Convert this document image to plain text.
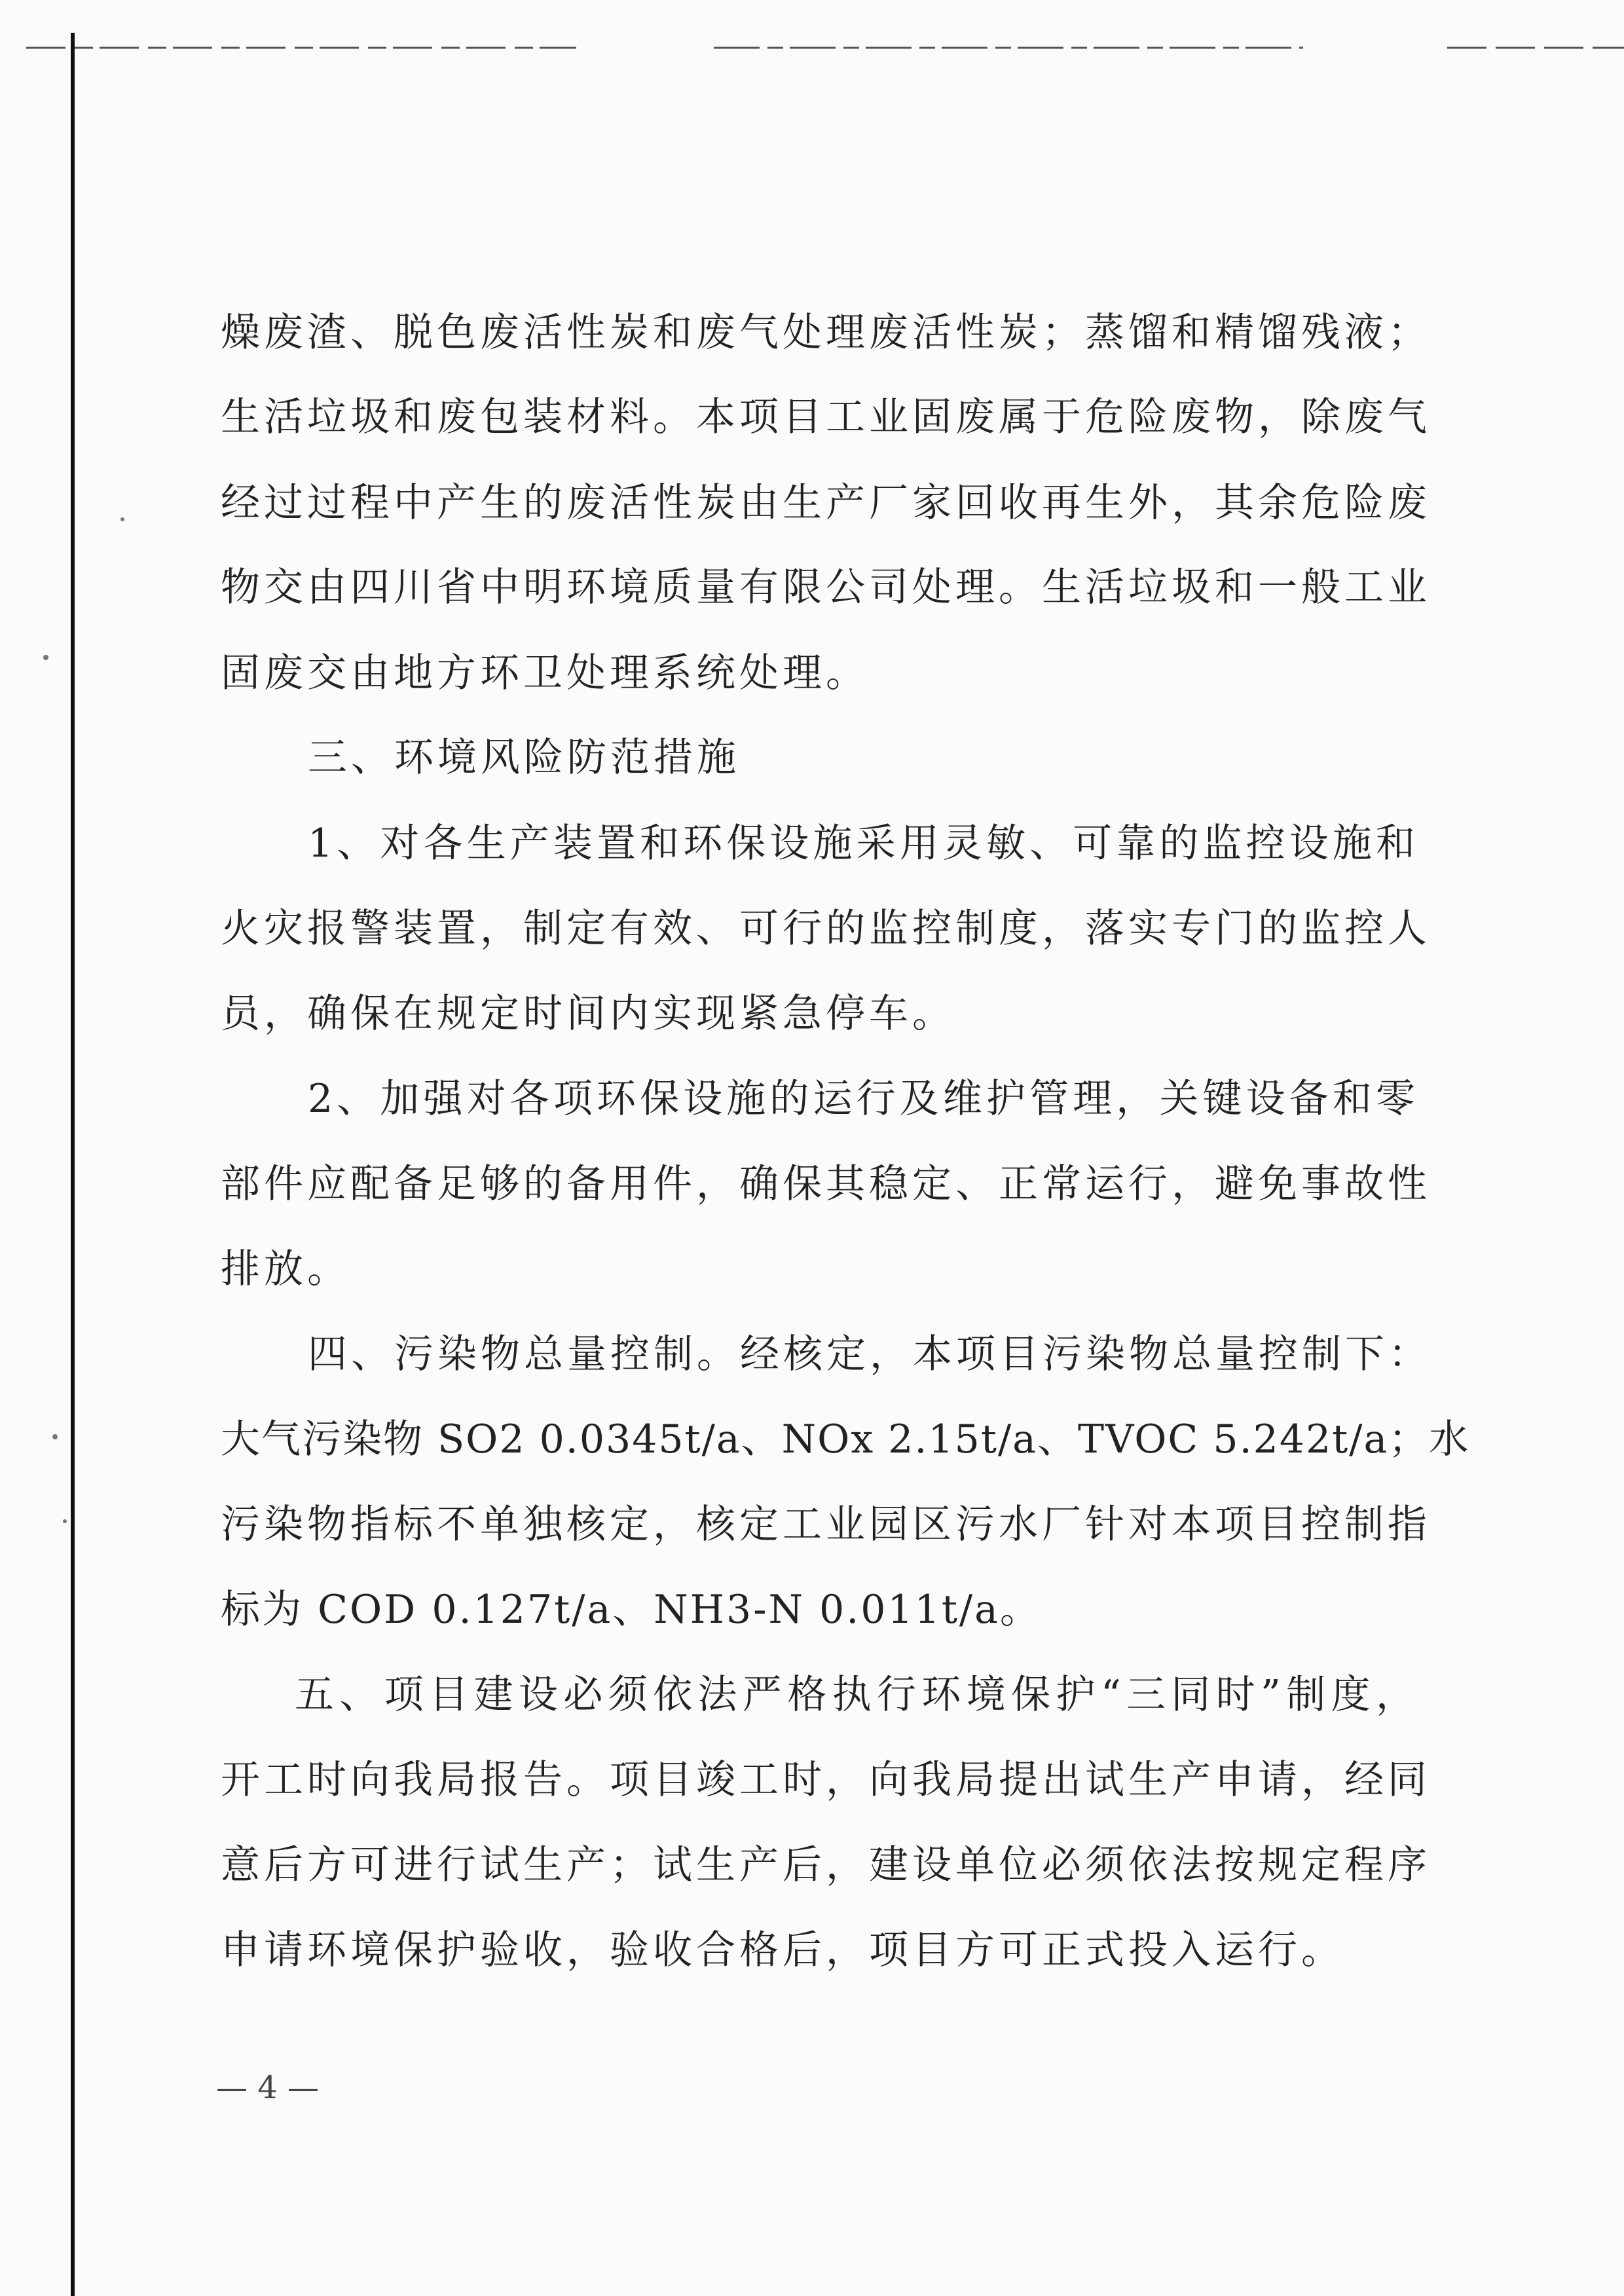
燥废渣、脱色废活性炭和废气处理废活性炭；蒸馏和精馏残液；
生活垃圾和废包装材料。本项目工业固废属于危险废物，除废气
经过过程中产生的废活性炭由生产厂家回收再生外，其余危险废
物交由四川省中明环境质量有限公司处理。生活垃圾和一般工业
固废交由地方环卫处理系统处理。
三、环境风险防范措施
1、对各生产装置和环保设施采用灵敏、可靠的监控设施和
火灾报警装置，制定有效、可行的监控制度，落实专门的监控人
员，确保在规定时间内实现紧急停车。
2、加强对各项环保设施的运行及维护管理，关键设备和零
部件应配备足够的备用件，确保其稳定、正常运行，避免事故性
排放。
四、污染物总量控制。经核定，本项目污染物总量控制下：
大气污染物 SO2 0.0345t/a、NOx 2.15t/a、TVOC 5.242t/a；水
污染物指标不单独核定，核定工业园区污水厂针对本项目控制指
标为 COD 0.127t/a、NH3-N 0.011t/a。
五、项目建设必须依法严格执行环境保护“三同时”制度，
开工时向我局报告。项目竣工时，向我局提出试生产申请，经同
意后方可进行试生产；试生产后，建设单位必须依法按规定程序
申请环境保护验收，验收合格后，项目方可正式投入运行。
— 4 —
